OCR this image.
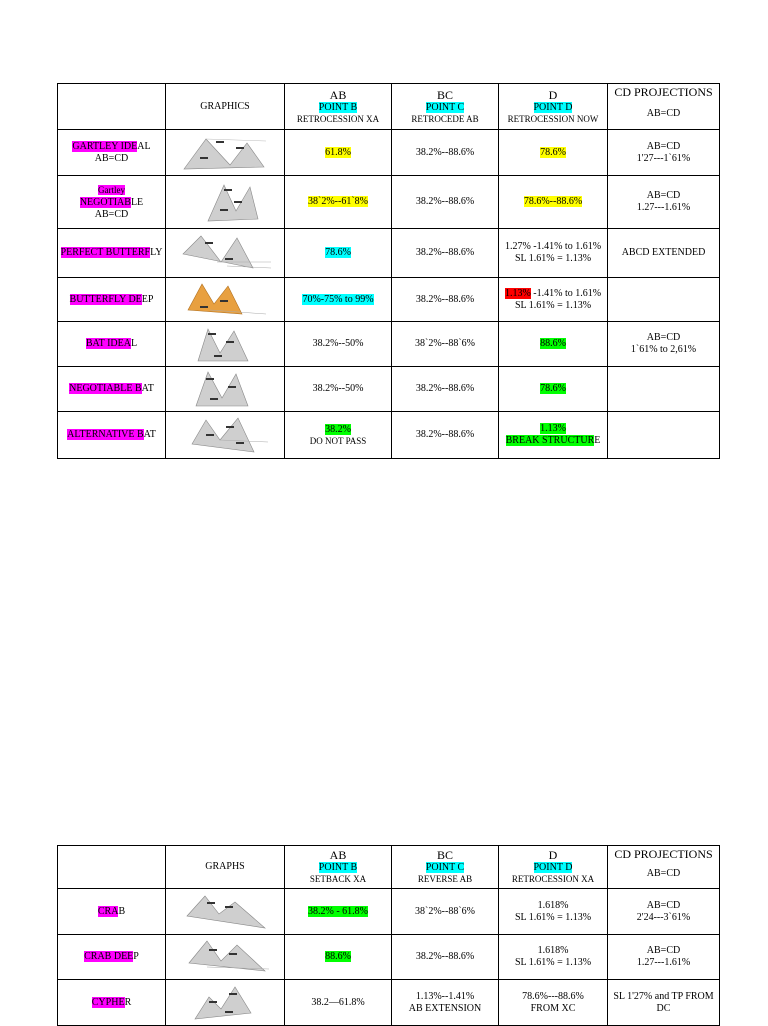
	GRAPHICS	AB
POINT B
RETROCESSION XA	BC
POINT C
RETROCEDE AB	D
POINT D
RETROCESSION NOW	CD PROJECTIONS
AB=CD
GARTLEY IDEAL
AB=CD		61.8%	38.2%--88.6%	78.6%	AB=CD
1'27---1`61%
Gartley
NEGOTIABLE
AB=CD		38`2%--61`8%	38.2%--88.6%	78.6%--88.6%	AB=CD
1.27---1.61%
PERFECT BUTTERFLY		78.6%	38.2%--88.6%	1.27% -1.41% to 1.61%
SL 1.61% = 1.13%	ABCD EXTENDED
BUTTERFLY DEEP		70%-75% to 99%	38.2%--88.6%	1.13% -1.41% to 1.61%
SL 1.61% = 1.13%	
BAT IDEAL		38.2%--50%	38`2%--88`6%	88.6%	AB=CD
1`61% to 2,61%
NEGOTIABLE BAT		38.2%--50%	38.2%--88.6%	78.6%	
ALTERNATIVE BAT		38.2%

DO NOT PASS	38.2%--88.6%	1.13%
BREAK STRUCTURE	
	GRAPHS	AB
POINT B
SETBACK XA	BC
POINT C
REVERSE AB	D
POINT D
RETROCESSION XA	CD PROJECTIONS
AB=CD
CRAB		38.2% - 61.8%	38`2%--88`6%	1.618%
SL 1.61% = 1.13%	AB=CD
2'24---3`61%
CRAB DEEP		88.6%	38.2%--88.6%	1.618%
SL 1.61% = 1.13%	AB=CD
1.27---1.61%
CYPHER		38.2—61.8%	1.13%--1.41%
AB EXTENSION	78.6%---88.6%
FROM XC	SL 1'27% and TP FROM
DC
